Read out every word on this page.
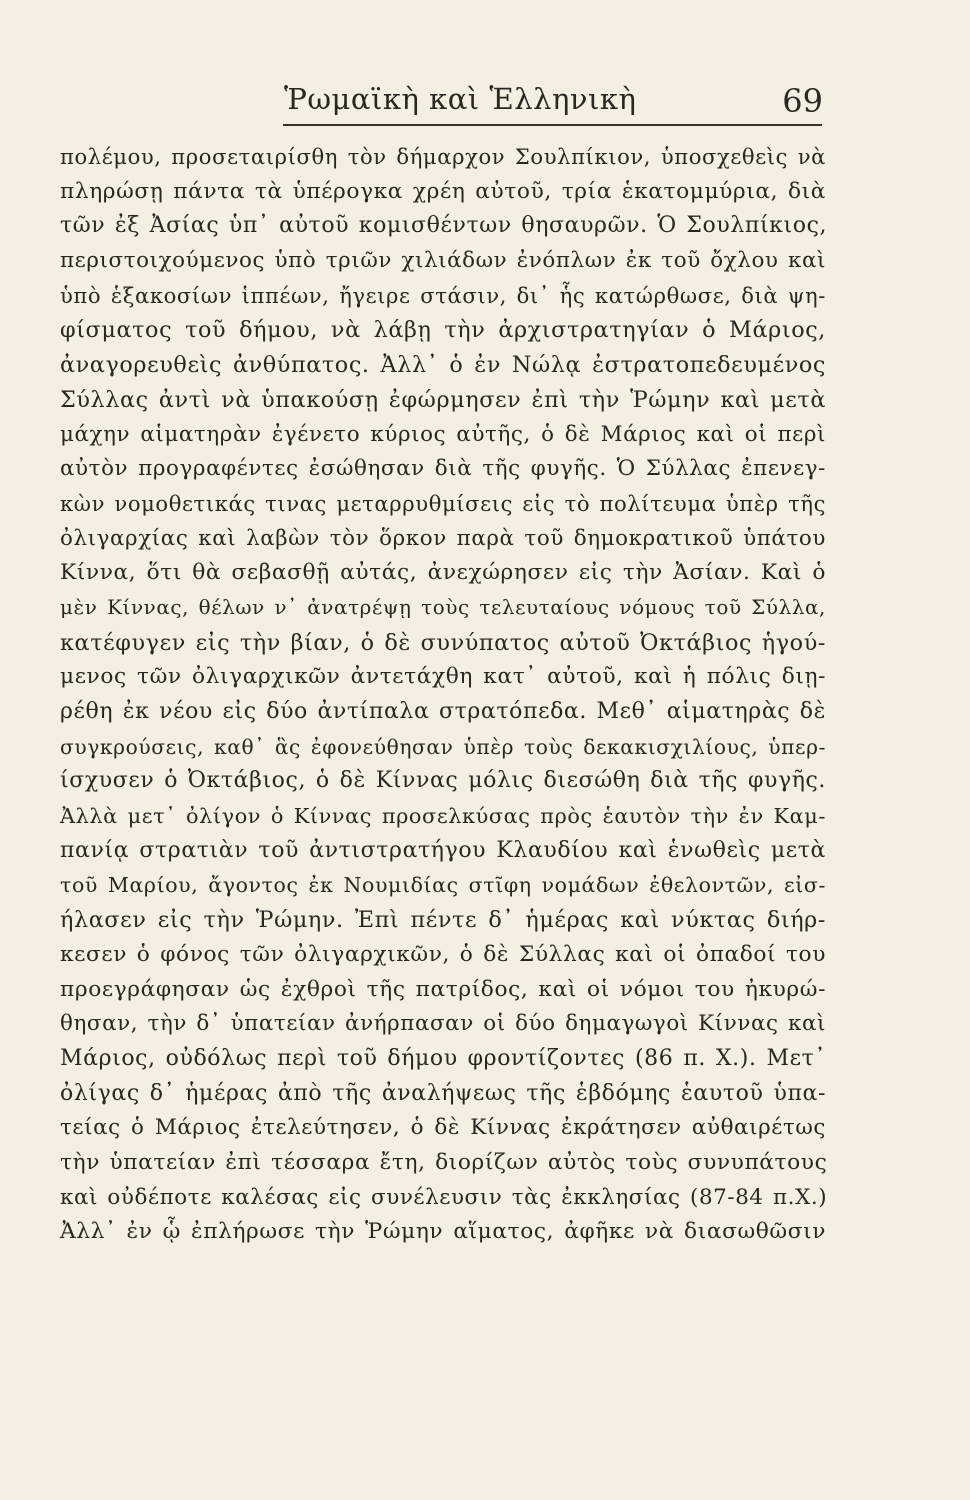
Ῥωμαϊκὴ καὶ Ἑλληνικὴ	69
πολέμου, προσεταιρίσθη τὸν δήμαρχον Σουλπίκιον, ὑποσχεθεὶς νὰ
πληρώσῃ πάντα τὰ ὑπέρογκα χρέη αὐτοῦ, τρία ἑκατομμύρια, διὰ
τῶν ἐξ Ἀσίας ὑπ᾽ αὐτοῦ κομισθέντων θησαυρῶν. Ὁ Σουλπίκιος,
περιστοιχούμενος ὑπὸ τριῶν χιλιάδων ἐνόπλων ἐκ τοῦ ὄχλου καὶ
ὑπὸ ἑξακοσίων ἱππέων, ἤγειρε στάσιν, δι᾽ ἧς κατώρθωσε, διὰ ψη-
φίσματος τοῦ δήμου, νὰ λάβῃ τὴν ἀρχιστρατηγίαν ὁ Μάριος,
ἀναγορευθεὶς ἀνθύπατος. Ἀλλ᾽ ὁ ἐν Νώλᾳ ἐστρατοπεδευμένος
Σύλλας ἀντὶ νὰ ὑπακούσῃ ἐφώρμησεν ἐπὶ τὴν Ῥώμην καὶ μετὰ
μάχην αἱματηρὰν ἐγένετο κύριος αὐτῆς, ὁ δὲ Μάριος καὶ οἱ περὶ
αὐτὸν προγραφέντες ἐσώθησαν διὰ τῆς φυγῆς. Ὁ Σύλλας ἐπενεγ-
κὼν νομοθετικάς τινας μεταρρυθμίσεις εἰς τὸ πολίτευμα ὑπὲρ τῆς
ὀλιγαρχίας καὶ λαβὼν τὸν ὅρκον παρὰ τοῦ δημοκρατικοῦ ὑπάτου
Κίννα, ὅτι θὰ σεβασθῇ αὐτάς, ἀνεχώρησεν εἰς τὴν Ἀσίαν. Καὶ ὁ
μὲν Κίννας, θέλων ν᾽ ἀνατρέψῃ τοὺς τελευταίους νόμους τοῦ Σύλλα,
κατέφυγεν εἰς τὴν βίαν, ὁ δὲ συνύπατος αὐτοῦ Ὀκτάβιος ἡγού-
μενος τῶν ὀλιγαρχικῶν ἀντετάχθη κατ᾽ αὐτοῦ, καὶ ἡ πόλις διῃ-
ρέθη ἐκ νέου εἰς δύο ἀντίπαλα στρατόπεδα. Μεθ᾽ αἱματηρὰς δὲ
συγκρούσεις, καθ᾽ ἃς ἐφονεύθησαν ὑπὲρ τοὺς δεκακισχιλίους, ὑπερ-
ίσχυσεν ὁ Ὀκτάβιος, ὁ δὲ Κίννας μόλις διεσώθη διὰ τῆς φυγῆς.
Ἀλλὰ μετ᾽ ὀλίγον ὁ Κίννας προσελκύσας πρὸς ἑαυτὸν τὴν ἐν Καμ-
πανίᾳ στρατιὰν τοῦ ἀντιστρατήγου Κλαυδίου καὶ ἑνωθεὶς μετὰ
τοῦ Μαρίου, ἄγοντος ἐκ Νουμιδίας στῖφη νομάδων ἐθελοντῶν, εἰσ-
ήλασεν εἰς τὴν Ῥώμην. Ἐπὶ πέντε δ᾽ ἡμέρας καὶ νύκτας διήρ-
κεσεν ὁ φόνος τῶν ὀλιγαρχικῶν, ὁ δὲ Σύλλας καὶ οἱ ὀπαδοί του
προεγράφησαν ὡς ἐχθροὶ τῆς πατρίδος, καὶ οἱ νόμοι του ἠκυρώ-
θησαν, τὴν δ᾽ ὑπατείαν ἀνήρπασαν οἱ δύο δημαγωγοὶ Κίννας καὶ
Μάριος, οὐδόλως περὶ τοῦ δήμου φροντίζοντες (86 π. Χ.). Μετ᾽
ὀλίγας δ᾽ ἡμέρας ἀπὸ τῆς ἀναλήψεως τῆς ἑβδόμης ἑαυτοῦ ὑπα-
τείας ὁ Μάριος ἐτελεύτησεν, ὁ δὲ Κίννας ἐκράτησεν αὐθαιρέτως
τὴν ὑπατείαν ἐπὶ τέσσαρα ἔτη, διορίζων αὐτὸς τοὺς συνυπάτους
καὶ οὐδέποτε καλέσας εἰς συνέλευσιν τὰς ἐκκλησίας (87-84 π.Χ.)
Ἀλλ᾽ ἐν ᾧ ἐπλήρωσε τὴν Ῥώμην αἵματος, ἀφῆκε νὰ διασωθῶσιν
